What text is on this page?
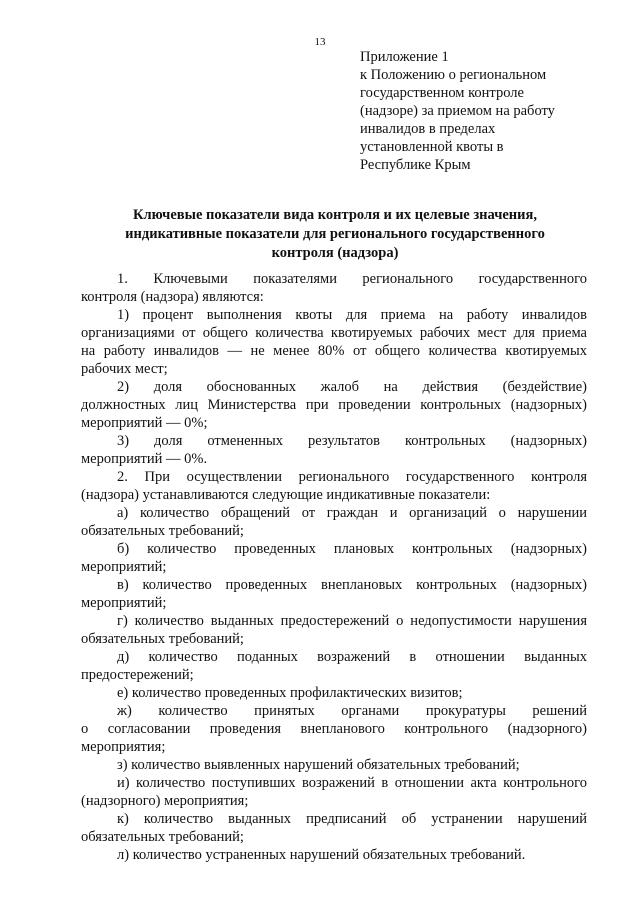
13
Приложение 1
к Положению о региональном
государственном контроле
(надзоре) за приемом на работу
инвалидов в пределах
установленной квоты в
Республике Крым
Ключевые показатели вида контроля и их целевые значения,
индикативные показатели для регионального государственного
контроля (надзора)
1. Ключевыми показателями регионального государственного
контроля (надзора) являются:
1) процент выполнения квоты для приема на работу инвалидов
организациями от общего количества квотируемых рабочих мест для приема
на работу инвалидов — не менее 80% от общего количества квотируемых
рабочих мест;
2) доля обоснованных жалоб на действия (бездействие)
должностных лиц Министерства при проведении контрольных (надзорных)
мероприятий — 0%;
3) доля отмененных результатов контрольных (надзорных)
мероприятий — 0%.
2. При осуществлении регионального государственного контроля
(надзора) устанавливаются следующие индикативные показатели:
а) количество обращений от граждан и организаций о нарушении
обязательных требований;
б) количество проведенных плановых контрольных (надзорных)
мероприятий;
в) количество проведенных внеплановых контрольных (надзорных)
мероприятий;
г) количество выданных предостережений о недопустимости нарушения
обязательных требований;
д) количество поданных возражений в отношении выданных
предостережений;
е) количество проведенных профилактических визитов;
ж) количество принятых органами прокуратуры решений
о согласовании проведения внепланового контрольного (надзорного)
мероприятия;
з) количество выявленных нарушений обязательных требований;
и) количество поступивших возражений в отношении акта контрольного
(надзорного) мероприятия;
к) количество выданных предписаний об устранении нарушений
обязательных требований;
л) количество устраненных нарушений обязательных требований.
